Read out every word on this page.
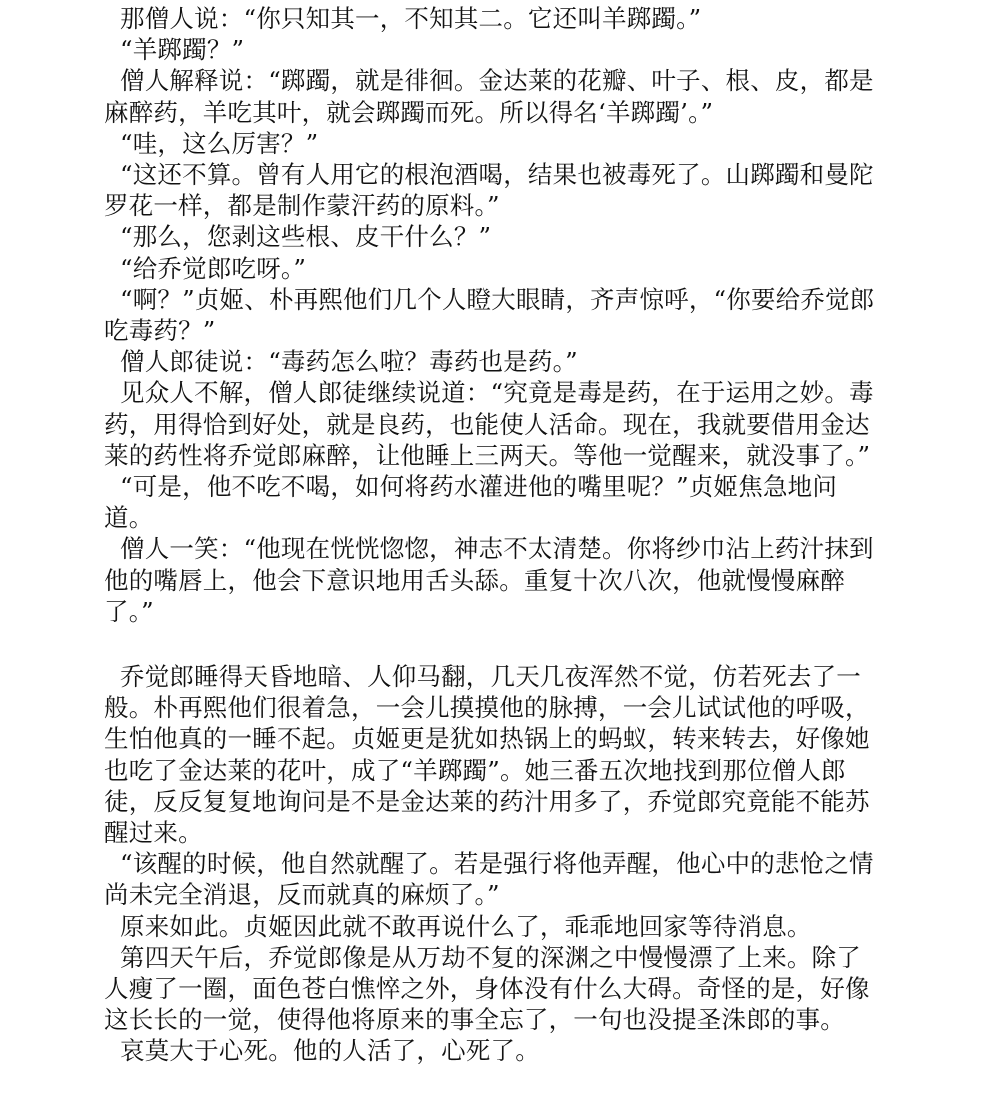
那僧人说：“你只知其一，不知其二。它还叫羊踯躅。”

“羊踯躅？”

僧人解释说：“踯躅，就是徘徊。金达莱的花瓣、叶子、根、皮，都是麻醉药，羊吃其叶，就会踯躅而死。所以得名‘羊踯躅’。”

“哇，这么厉害？”

“这还不算。曾有人用它的根泡酒喝，结果也被毒死了。山踯躅和曼陀罗花一样，都是制作蒙汗药的原料。”

“那么，您剥这些根、皮干什么？”

“给乔觉郎吃呀。”

“啊？”贞姬、朴再熙他们几个人瞪大眼睛，齐声惊呼，“你要给乔觉郎吃毒药？”

僧人郎徒说：“毒药怎么啦？毒药也是药。”

见众人不解，僧人郎徒继续说道：“究竟是毒是药，在于运用之妙。毒药，用得恰到好处，就是良药，也能使人活命。现在，我就要借用金达莱的药性将乔觉郎麻醉，让他睡上三两天。等他一觉醒来，就没事了。”

“可是，他不吃不喝，如何将药水灌进他的嘴里呢？”贞姬焦急地问道。

僧人一笑：“他现在恍恍惚惚，神志不太清楚。你将纱巾沾上药汁抹到他的嘴唇上，他会下意识地用舌头舔。重复十次八次，他就慢慢麻醉了。”

乔觉郎睡得天昏地暗、人仰马翻，几天几夜浑然不觉，仿若死去了一般。朴再熙他们很着急，一会儿摸摸他的脉搏，一会儿试试他的呼吸，生怕他真的一睡不起。贞姬更是犹如热锅上的蚂蚁，转来转去，好像她也吃了金达莱的花叶，成了“羊踯躅”。她三番五次地找到那位僧人郎徒，反反复复地询问是不是金达莱的药汁用多了，乔觉郎究竟能不能苏醒过来。

“该醒的时候，他自然就醒了。若是强行将他弄醒，他心中的悲怆之情尚未完全消退，反而就真的麻烦了。”

原来如此。贞姬因此就不敢再说什么了，乖乖地回家等待消息。

第四天午后，乔觉郎像是从万劫不复的深渊之中慢慢漂了上来。除了人瘦了一圈，面色苍白憔悴之外，身体没有什么大碍。奇怪的是，好像这长长的一觉，使得他将原来的事全忘了，一句也没提圣洙郎的事。

哀莫大于心死。他的人活了，心死了。
